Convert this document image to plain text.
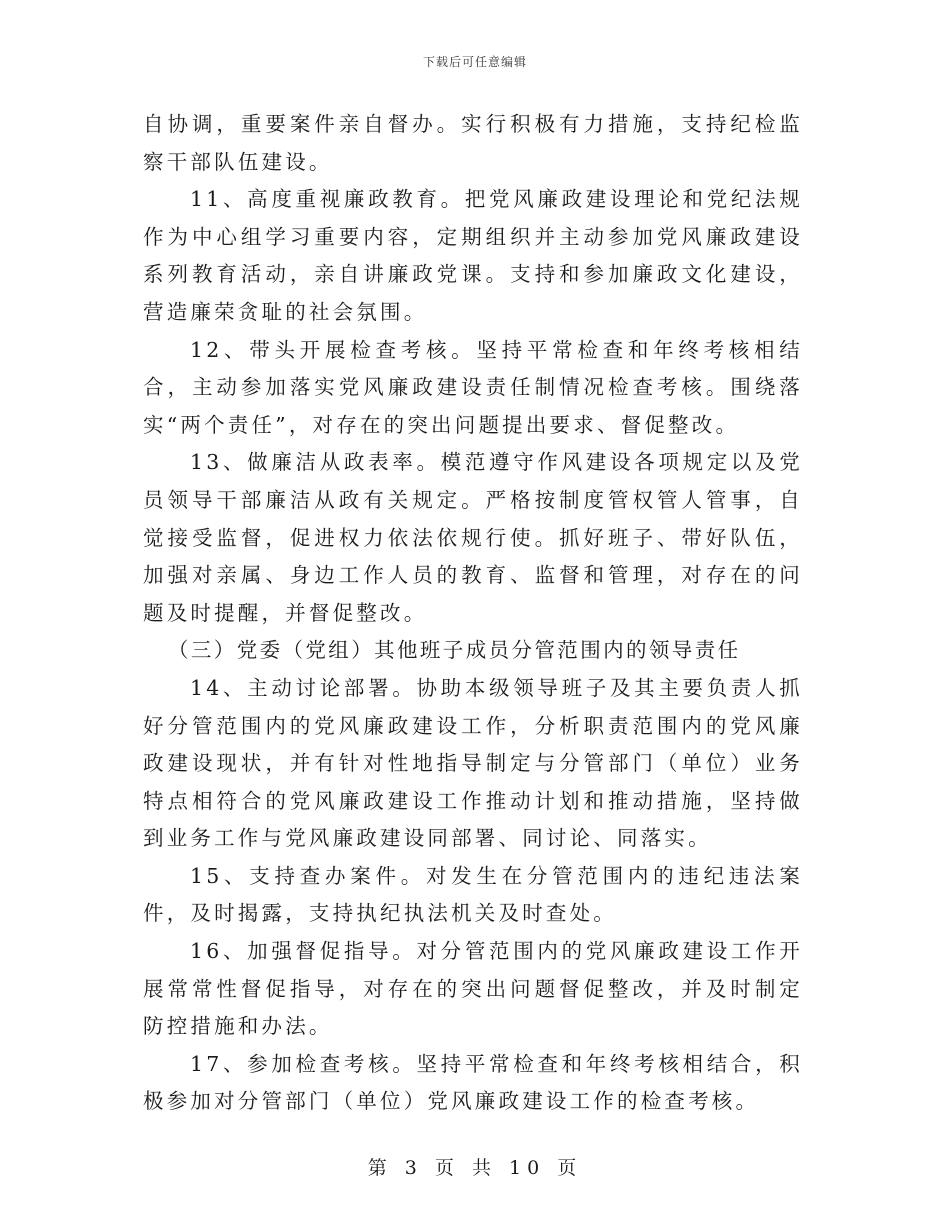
下载后可任意编辑

自协调，重要案件亲自督办。实行积极有力措施，支持纪检监察干部队伍建设。

11、高度重视廉政教育。把党风廉政建设理论和党纪法规作为中心组学习重要内容，定期组织并主动参加党风廉政建设系列教育活动，亲自讲廉政党课。支持和参加廉政文化建设，营造廉荣贪耻的社会氛围。

12、带头开展检查考核。坚持平常检查和年终考核相结合，主动参加落实党风廉政建设责任制情况检查考核。围绕落实“两个责任”，对存在的突出问题提出要求、督促整改。

13、做廉洁从政表率。模范遵守作风建设各项规定以及党员领导干部廉洁从政有关规定。严格按制度管权管人管事，自觉接受监督，促进权力依法依规行使。抓好班子、带好队伍，加强对亲属、身边工作人员的教育、监督和管理，对存在的问题及时提醒，并督促整改。

（三）党委（党组）其他班子成员分管范围内的领导责任

14、主动讨论部署。协助本级领导班子及其主要负责人抓好分管范围内的党风廉政建设工作，分析职责范围内的党风廉政建设现状，并有针对性地指导制定与分管部门（单位）业务特点相符合的党风廉政建设工作推动计划和推动措施，坚持做到业务工作与党风廉政建设同部署、同讨论、同落实。

15、支持查办案件。对发生在分管范围内的违纪违法案件，及时揭露，支持执纪执法机关及时查处。

16、加强督促指导。对分管范围内的党风廉政建设工作开展常常性督促指导，对存在的突出问题督促整改，并及时制定防控措施和办法。

17、参加检查考核。坚持平常检查和年终考核相结合，积极参加对分管部门（单位）党风廉政建设工作的检查考核。

第 3 页 共 10 页
